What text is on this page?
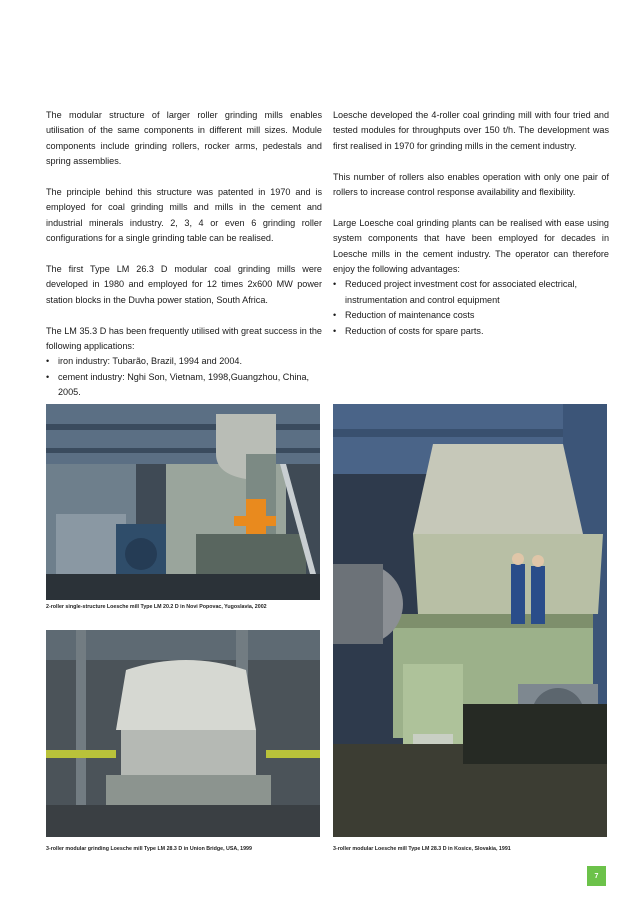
The modular structure of larger roller grinding mills enables utilisation of the same components in different mill sizes. Module components include grinding rollers, rocker arms, pedestals and spring assemblies.

The principle behind this structure was patented in 1970 and is employed for coal grinding mills and mills in the cement and industrial minerals industry. 2, 3, 4 or even 6 grinding roller configurations for a single grinding table can be realised.

The first Type LM 26.3 D modular coal grinding mills were developed in 1980 and employed for 12 times 2x600 MW power station blocks in the Duvha power station, South Africa.

The LM 35.3 D has been frequently utilised with great success in the following applications:

• iron industry: Tubarão, Brazil, 1994 and 2004.
• cement industry: Nghi Son, Vietnam, 1998,Guangzhou, China, 2005.

Loesche developed the 4-roller coal grinding mill with four tried and tested modules for throughputs over 150 t/h. The development was first realised in 1970 for grinding mills in the cement industry.

This number of rollers also enables operation with only one pair of rollers to increase control response availability and flexibility.

Large Loesche coal grinding plants can be realised with ease using system components that have been employed for decades in Loesche mills in the cement industry. The operator can therefore enjoy the following advantages:

• Reduced project investment cost for associated electrical, instrumentation and control equipment
• Reduction of maintenance costs
• Reduction of costs for spare parts.
2-roller single-structure Loesche mill Type LM 20.2 D in Novi Popovac, Yugoslavia, 2002
3-roller modular grinding Loesche mill Type LM 28.3 D in Union Bridge, USA, 1999	3-roller modular Loesche mill Type LM 28.3 D in Kosice, Slovakia, 1991
7
